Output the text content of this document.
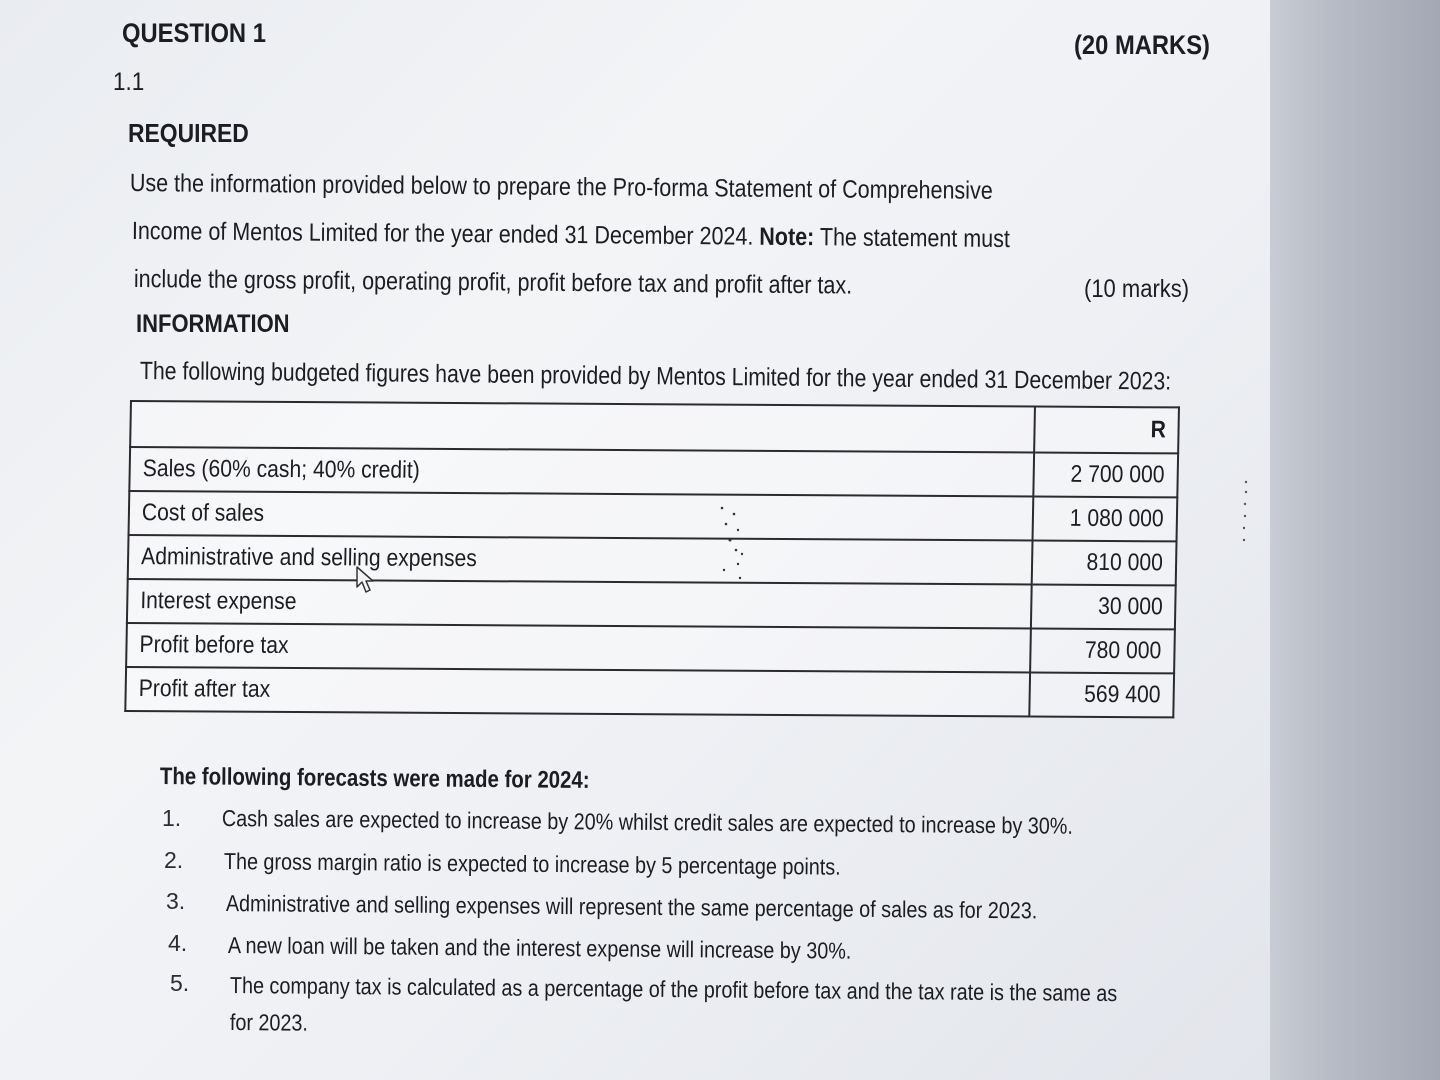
QUESTION 1	(20 MARKS)
1.1
REQUIRED
Use the information provided below to prepare the Pro-forma Statement of Comprehensive
Income of Mentos Limited for the year ended 31 December 2024. Note: The statement must
include the gross profit, operating profit, profit before tax and profit after tax.	(10 marks)
INFORMATION
The following budgeted figures have been provided by Mentos Limited for the year ended 31 December 2023:
	R
Sales (60% cash; 40% credit)	2 700 000
Cost of sales	1 080 000
Administrative and selling expenses	810 000
Interest expense	30 000
Profit before tax	780 000
Profit after tax	569 400
The following forecasts were made for 2024:
1. Cash sales are expected to increase by 20% whilst credit sales are expected to increase by 30%.
2. The gross margin ratio is expected to increase by 5 percentage points.
3. Administrative and selling expenses will represent the same percentage of sales as for 2023.
4. A new loan will be taken and the interest expense will increase by 30%.
5. The company tax is calculated as a percentage of the profit before tax and the tax rate is the same as
for 2023.
